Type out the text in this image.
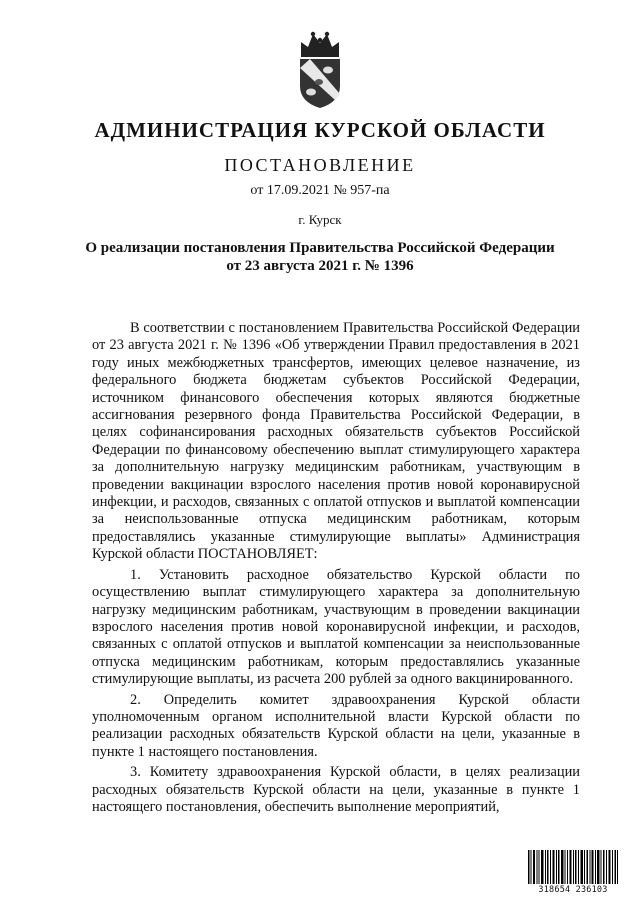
АДМИНИСТРАЦИЯ КУРСКОЙ ОБЛАСТИ
ПОСТАНОВЛЕНИЕ
от 17.09.2021 № 957-па
г. Курск
О реализации постановления Правительства Российской Федерации
от 23 августа 2021 г. № 1396

В соответствии с постановлением Правительства Российской Федерации от 23 августа 2021 г. № 1396 «Об утверждении Правил предоставления в 2021 году иных межбюджетных трансфертов, имеющих целевое назначение, из федерального бюджета бюджетам субъектов Российской Федерации, источником финансового обеспечения которых являются бюджетные ассигнования резервного фонда Правительства Российской Федерации, в целях софинансирования расходных обязательств субъектов Российской Федерации по финансовому обеспечению выплат стимулирующего характера за дополнительную нагрузку медицинским работникам, участвующим в проведении вакцинации взрослого населения против новой коронавирусной инфекции, и расходов, связанных с оплатой отпусков и выплатой компенсации за неиспользованные отпуска медицинским работникам, которым предоставлялись указанные стимулирующие выплаты» Администрация Курской области ПОСТАНОВЛЯЕТ:

1. Установить расходное обязательство Курской области по осуществлению выплат стимулирующего характера за дополнительную нагрузку медицинским работникам, участвующим в проведении вакцинации взрослого населения против новой коронавирусной инфекции, и расходов, связанных с оплатой отпусков и выплатой компенсации за неиспользованные отпуска медицинским работникам, которым предоставлялись указанные стимулирующие выплаты, из расчета 200 рублей за одного вакцинированного.

2. Определить комитет здравоохранения Курской области уполномоченным органом исполнительной власти Курской области по реализации расходных обязательств Курской области на цели, указанные в пункте 1 настоящего постановления.

3. Комитету здравоохранения Курской области, в целях реализации расходных обязательств Курской области на цели, указанные в пункте 1 настоящего постановления, обеспечить выполнение мероприятий,

318654 236103
